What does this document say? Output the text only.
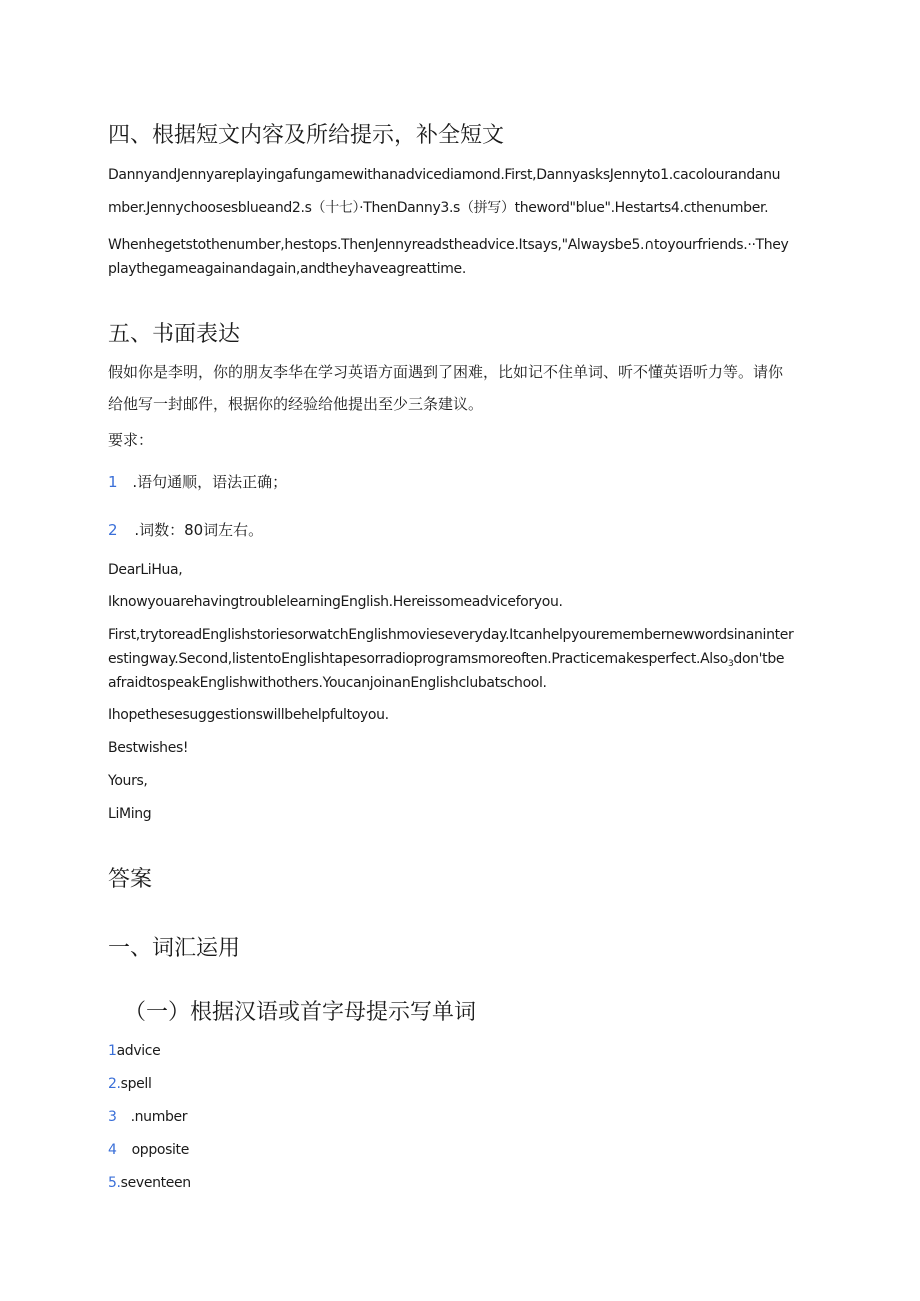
四、根据短文内容及所给提示，补全短文
DannyandJennyareplayingafungamewithanadvicediamond.First,DannyasksJennyto1.cacolourandanu
mber.Jennychoosesblueand2.s（十七）·ThenDanny3.s（拼写）theword"blue".Hestarts4.cthenumber.
Whenhegetstothenumber,hestops.ThenJennyreadstheadvice.Itsays,"Alwaysbe5.∩toyourfriends.··They
playthegameagainandagain,andtheyhaveagreattime.
五、书面表达
假如你是李明，你的朋友李华在学习英语方面遇到了困难，比如记不住单词、听不懂英语听力等。请你
给他写一封邮件，根据你的经验给他提出至少三条建议。
要求：
1 .语句通顺，语法正确；
2 .词数：80词左右。
DearLiHua,
IknowyouarehavingtroublelearningEnglish.Hereissomeadviceforyou.
First,trytoreadEnglishstoriesorwatchEnglishmovieseveryday.Itcanhelpyouremembernewwordsinaninter
estingway.Second,listentoEnglishtapesorradioprogramsmoreoften.Practicemakesperfect.Also$_3$don'tbe
afraidtospeakEnglishwithothers.YoucanjoinanEnglishclubatschool.
Ihopethesesuggestionswillbehelpfultoyou.
Bestwishes!
Yours,
LiMing
答案
一、词汇运用
（一）根据汉语或首字母提示写单词
1advice
2.spell
3 .number
4 opposite
5.seventeen
